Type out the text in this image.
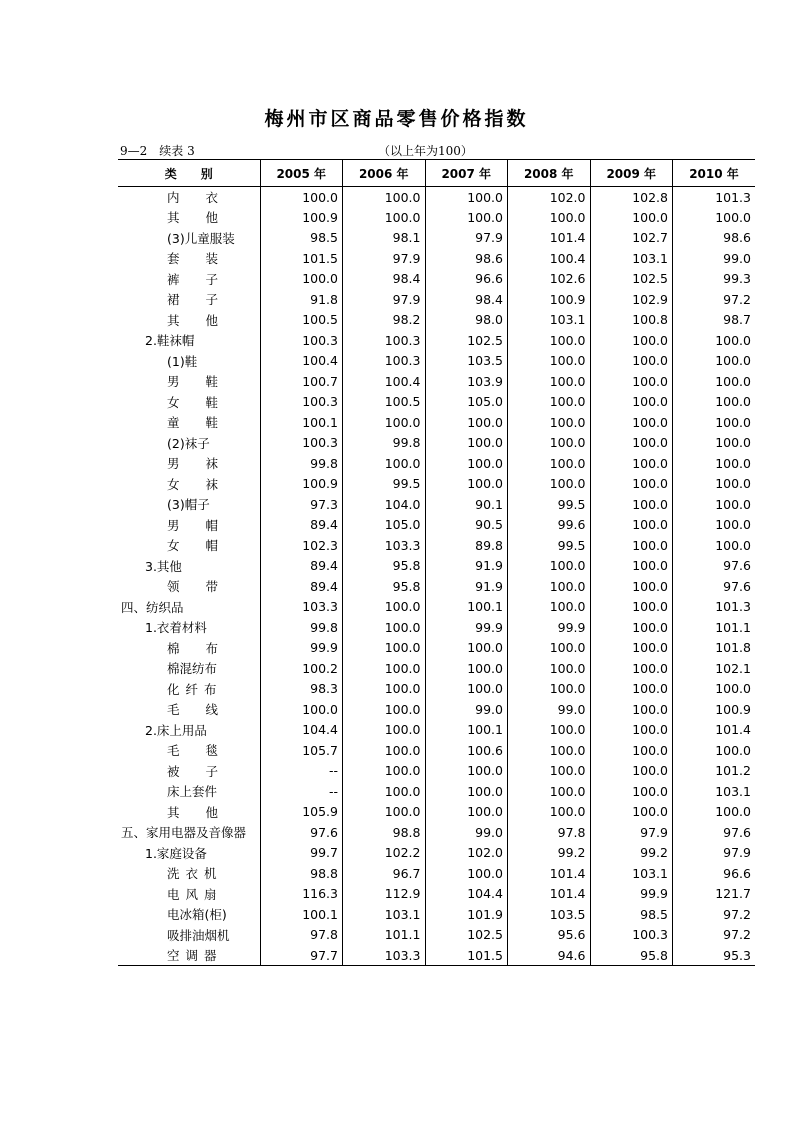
梅州市区商品零售价格指数
9—2　续表 3	（以上年为100）
类　　别	2005 年	2006 年	2007 年	2008 年	2009 年	2010 年
内衣	100.0	100.0	100.0	102.0	102.8	101.3
其他	100.9	100.0	100.0	100.0	100.0	100.0
(3)儿童服装	98.5	98.1	97.9	101.4	102.7	98.6
套装	101.5	97.9	98.6	100.4	103.1	99.0
裤子	100.0	98.4	96.6	102.6	102.5	99.3
裙子	91.8	97.9	98.4	100.9	102.9	97.2
其他	100.5	98.2	98.0	103.1	100.8	98.7
2.鞋袜帽	100.3	100.3	102.5	100.0	100.0	100.0
(1)鞋	100.4	100.3	103.5	100.0	100.0	100.0
男鞋	100.7	100.4	103.9	100.0	100.0	100.0
女鞋	100.3	100.5	105.0	100.0	100.0	100.0
童鞋	100.1	100.0	100.0	100.0	100.0	100.0
(2)袜子	100.3	99.8	100.0	100.0	100.0	100.0
男袜	99.8	100.0	100.0	100.0	100.0	100.0
女袜	100.9	99.5	100.0	100.0	100.0	100.0
(3)帽子	97.3	104.0	90.1	99.5	100.0	100.0
男帽	89.4	105.0	90.5	99.6	100.0	100.0
女帽	102.3	103.3	89.8	99.5	100.0	100.0
3.其他	89.4	95.8	91.9	100.0	100.0	97.6
领带	89.4	95.8	91.9	100.0	100.0	97.6
四、纺织品	103.3	100.0	100.1	100.0	100.0	101.3
1.衣着材料	99.8	100.0	99.9	99.9	100.0	101.1
棉布	99.9	100.0	100.0	100.0	100.0	101.8
棉混纺布	100.2	100.0	100.0	100.0	100.0	102.1
化纤布	98.3	100.0	100.0	100.0	100.0	100.0
毛线	100.0	100.0	99.0	99.0	100.0	100.9
2.床上用品	104.4	100.0	100.1	100.0	100.0	101.4
毛毯	105.7	100.0	100.6	100.0	100.0	100.0
被子	--	100.0	100.0	100.0	100.0	101.2
床上套件	--	100.0	100.0	100.0	100.0	103.1
其他	105.9	100.0	100.0	100.0	100.0	100.0
五、家用电器及音像器	97.6	98.8	99.0	97.8	97.9	97.6
1.家庭设备	99.7	102.2	102.0	99.2	99.2	97.9
洗衣机	98.8	96.7	100.0	101.4	103.1	96.6
电风扇	116.3	112.9	104.4	101.4	99.9	121.7
电冰箱(柜)	100.1	103.1	101.9	103.5	98.5	97.2
吸排油烟机	97.8	101.1	102.5	95.6	100.3	97.2
空调器	97.7	103.3	101.5	94.6	95.8	95.3
